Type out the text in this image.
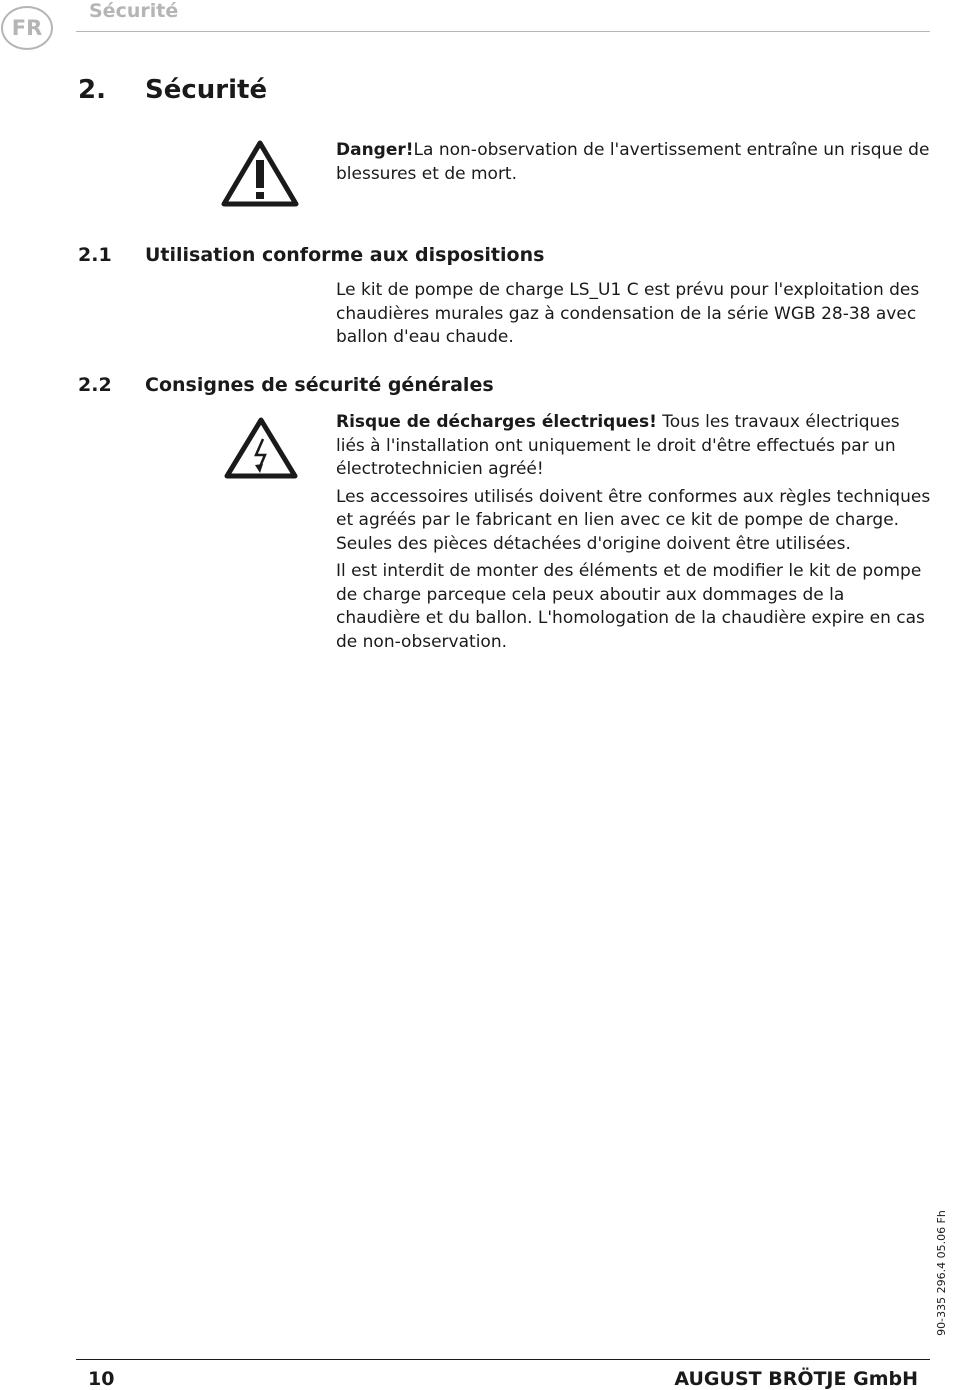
FR
Sécurité
2. Sécurité

Danger!La non-observation de l'avertissement entraîne un risque de blessures et de mort.

2.1 Utilisation conforme aux dispositions

Le kit de pompe de charge LS_U1 C est prévu pour l'exploitation des chaudières murales gaz à condensation de la série WGB 28-38 avec ballon d'eau chaude.

2.2 Consignes de sécurité générales

Risque de décharges électriques! Tous les travaux électriques liés à l'installation ont uniquement le droit d'être effectués par un électrotechnicien agréé!

Les accessoires utilisés doivent être conformes aux règles techniques et agréés par le fabricant en lien avec ce kit de pompe de charge. Seules des pièces détachées d'origine doivent être utilisées.

Il est interdit de monter des éléments et de modifier le kit de pompe de charge parceque cela peux aboutir aux dommages de la chaudière et du ballon. L'homologation de la chaudière expire en cas de non-observation.

90-335 296.4 05.06 Fh
10	AUGUST BRÖTJE GmbH
